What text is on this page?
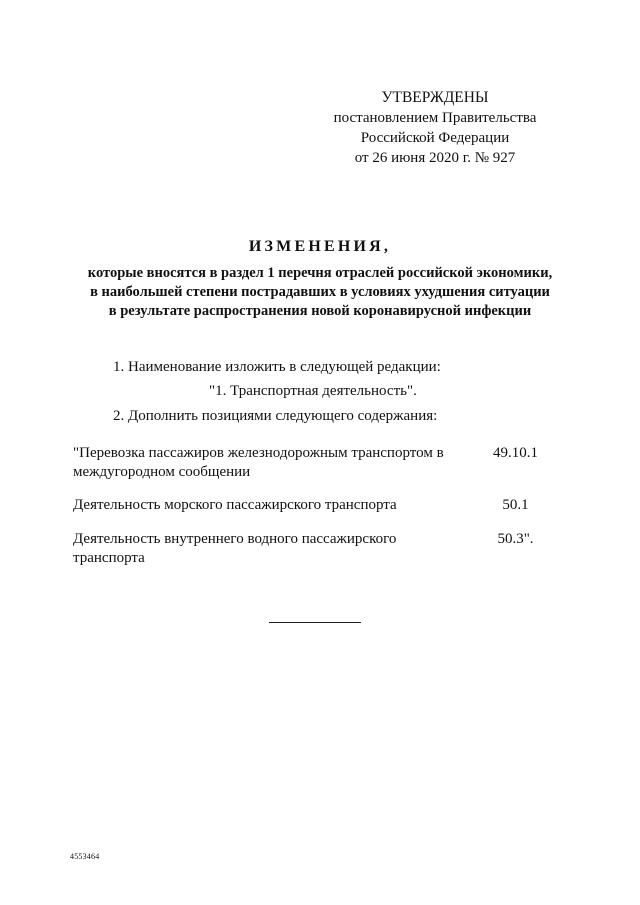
УТВЕРЖДЕНЫ
постановлением Правительства
Российской Федерации
от 26 июня 2020 г. № 927
ИЗМЕНЕНИЯ,
которые вносятся в раздел 1 перечня отраслей российской экономики,
в наибольшей степени пострадавших в условиях ухудшения ситуации
в результате распространения новой коронавирусной инфекции
1. Наименование изложить в следующей редакции:
"1. Транспортная деятельность".
2. Дополнить позициями следующего содержания:
"Перевозка пассажиров железнодорожным транспортом в междугородном сообщении
49.10.1
Деятельность морского пассажирского транспорта	50.1
Деятельность внутреннего водного пассажирского транспорта
50.3".
4553464
